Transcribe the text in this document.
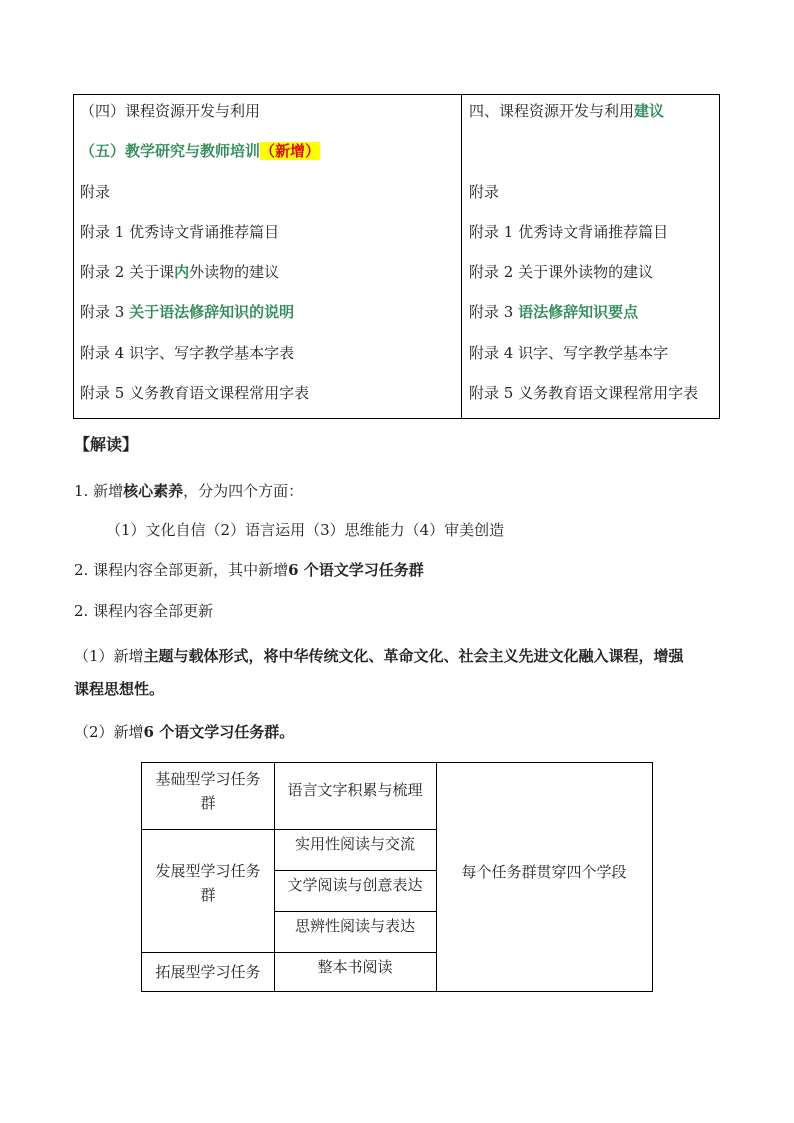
（四）课程资源开发与利用
（五）教学研究与教师培训（新增）
附录
附录 1 优秀诗文背诵推荐篇目
附录 2 关于课内外读物的建议
附录 3 关于语法修辞知识的说明
附录 4 识字、写字教学基本字表
附录 5 义务教育语文课程常用字表
四、课程资源开发与利用建议
附录
附录 1 优秀诗文背诵推荐篇目
附录 2 关于课外读物的建议
附录 3 语法修辞知识要点
附录 4 识字、写字教学基本字
附录 5 义务教育语文课程常用字表
【解读】
1. 新增核心素养，分为四个方面：
（1）文化自信（2）语言运用（3）思维能力（4）审美创造
2. 课程内容全部更新，其中新增6 个语文学习任务群
2. 课程内容全部更新
（1）新增主题与载体形式，将中华传统文化、革命文化、社会主义先进文化融入课程，增强
课程思想性。
（2）新增6 个语文学习任务群。
基础型学习任务
群
语言文字积累与梳理
发展型学习任务
群
实用性阅读与交流
文学阅读与创意表达
思辨性阅读与表达
拓展型学习任务	整本书阅读
每个任务群贯穿四个学段
